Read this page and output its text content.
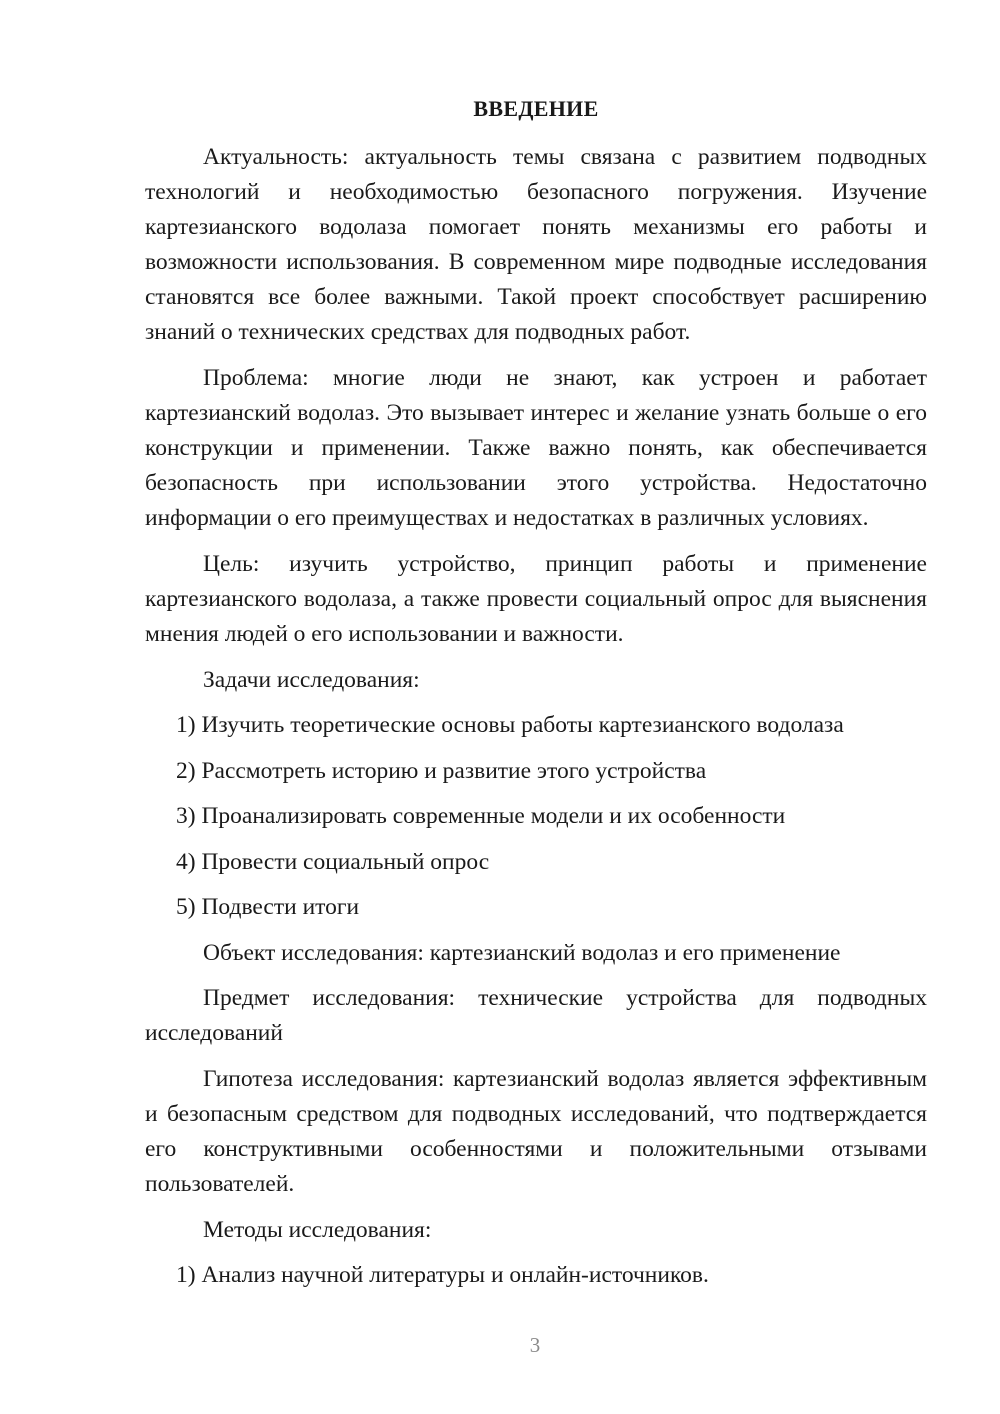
ВВЕДЕНИЕ

Актуальность: актуальность темы связана с развитием подводных технологий и необходимостью безопасного погружения. Изучение картезианского водолаза помогает понять механизмы его работы и возможности использования. В современном мире подводные исследования становятся все более важными. Такой проект способствует расширению знаний о технических средствах для подводных работ.

Проблема: многие люди не знают, как устроен и работает картезианский водолаз. Это вызывает интерес и желание узнать больше о его конструкции и применении. Также важно понять, как обеспечивается безопасность при использовании этого устройства. Недостаточно информации о его преимуществах и недостатках в различных условиях.

Цель: изучить устройство, принцип работы и применение картезианского водолаза, а также провести социальный опрос для выяснения мнения людей о его использовании и важности.

Задачи исследования:

1) Изучить теоретические основы работы картезианского водолаза
2) Рассмотреть историю и развитие этого устройства
3) Проанализировать современные модели и их особенности
4) Провести социальный опрос
5) Подвести итоги

Объект исследования: картезианский водолаз и его применение

Предмет исследования: технические устройства для подводных исследований

Гипотеза исследования: картезианский водолаз является эффективным и безопасным средством для подводных исследований, что подтверждается его конструктивными особенностями и положительными отзывами пользователей.

Методы исследования:

1) Анализ научной литературы и онлайн-источников.
3
